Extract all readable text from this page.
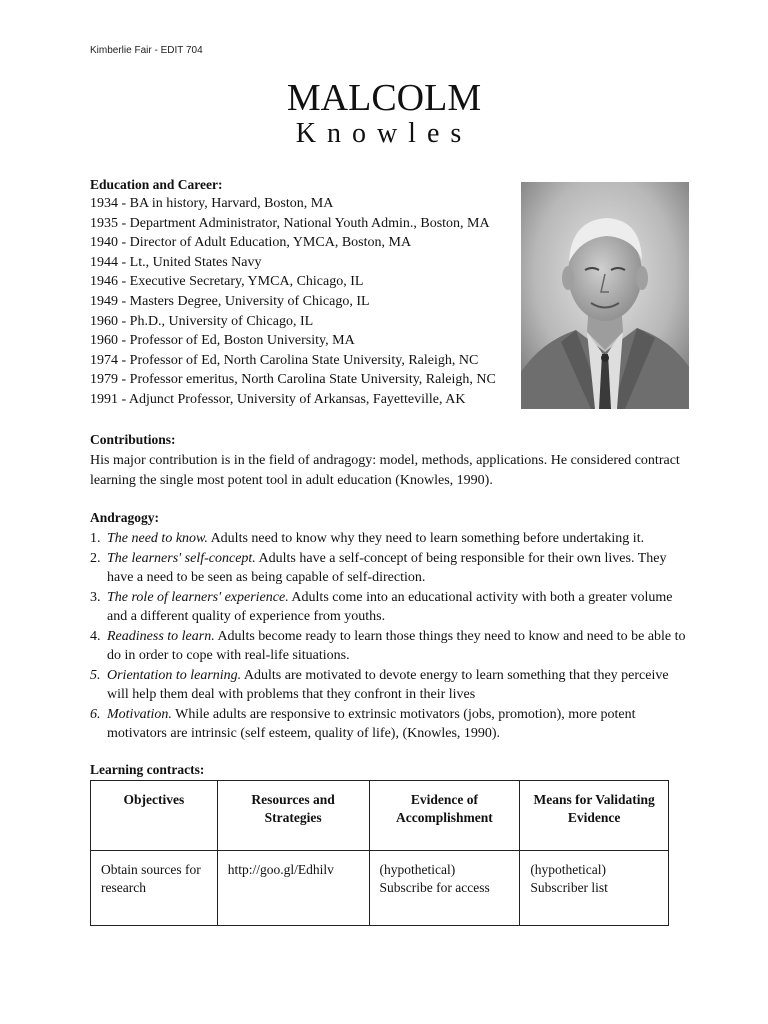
Kimberlie Fair - EDIT 704
MALCOLM
Knowles
Education and Career:
1934 - BA in history, Harvard, Boston, MA
1935 - Department Administrator, National Youth Admin., Boston, MA
1940 - Director of Adult Education, YMCA, Boston, MA
1944 - Lt., United States Navy
1946 - Executive Secretary, YMCA, Chicago, IL
1949 - Masters Degree, University of Chicago, IL
1960 - Ph.D., University of Chicago, IL
1960 - Professor of Ed, Boston University, MA
1974 - Professor of Ed, North Carolina State University, Raleigh, NC
1979 - Professor emeritus, North Carolina State University, Raleigh, NC
1991 - Adjunct Professor, University of Arkansas, Fayetteville, AK
Contributions:

His major contribution is in the field of andragogy: model, methods, applications. He considered contract learning the single most potent tool in adult education (Knowles, 1990).

Andragogy:
1. The need to know. Adults need to know why they need to learn something before undertaking it.
2. The learners' self-concept. Adults have a self-concept of being responsible for their own lives. They have a need to be seen as being capable of self-direction.
3. The role of learners' experience. Adults come into an educational activity with both a greater volume and a different quality of experience from youths.
4. Readiness to learn. Adults become ready to learn those things they need to know and need to be able to do in order to cope with real-life situations.
5. Orientation to learning. Adults are motivated to devote energy to learn something that they perceive will help them deal with problems that they confront in their lives
6. Motivation. While adults are responsive to extrinsic motivators (jobs, promotion), more potent motivators are intrinsic (self esteem, quality of life), (Knowles, 1990).
Learning contracts:
Objectives	Resources and Strategies	Evidence of Accomplishment	Means for Validating Evidence
Obtain sources for research	http://goo.gl/Edhilv	(hypothetical) Subscribe for access	(hypothetical) Subscriber list
